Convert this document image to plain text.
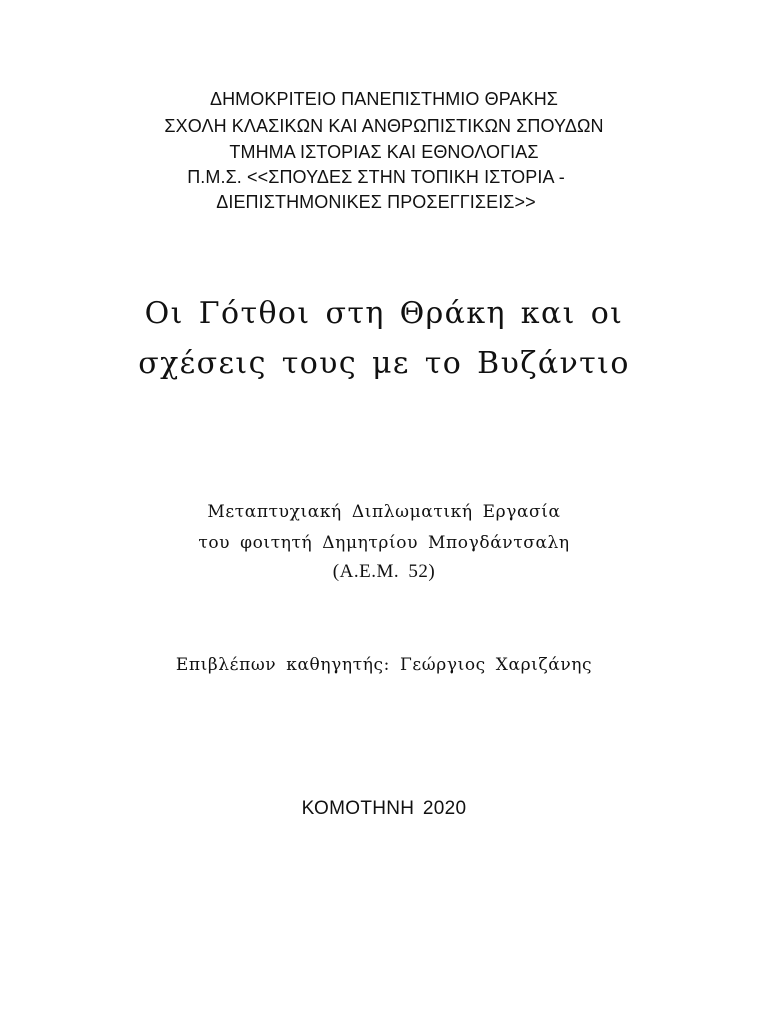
ΔΗΜΟΚΡΙΤΕΙΟ ΠΑΝΕΠΙΣΤΗΜΙΟ ΘΡΑΚΗΣ
ΣΧΟΛΗ ΚΛΑΣΙΚΩΝ ΚΑΙ ΑΝΘΡΩΠΙΣΤΙΚΩΝ ΣΠΟΥΔΩΝ
ΤΜΗΜΑ ΙΣΤΟΡΙΑΣ ΚΑΙ ΕΘΝΟΛΟΓΙΑΣ
Π.Μ.Σ. <<ΣΠΟΥΔΕΣ ΣΤΗΝ ΤΟΠΙΚΗ ΙΣΤΟΡΙΑ -
ΔΙΕΠΙΣΤΗΜΟΝΙΚΕΣ ΠΡΟΣΕΓΓΙΣΕΙΣ>>
Οι Γότθοι στη Θράκη και οι
σχέσεις τους με το Βυζάντιο
Μεταπτυχιακή Διπλωματική Εργασία
του φοιτητή Δημητρίου Μπογδάντσαλη
(Α.Ε.Μ. 52)
Επιβλέπων καθηγητής: Γεώργιος Χαριζάνης
ΚΟΜΟΤΗΝΗ 2020
